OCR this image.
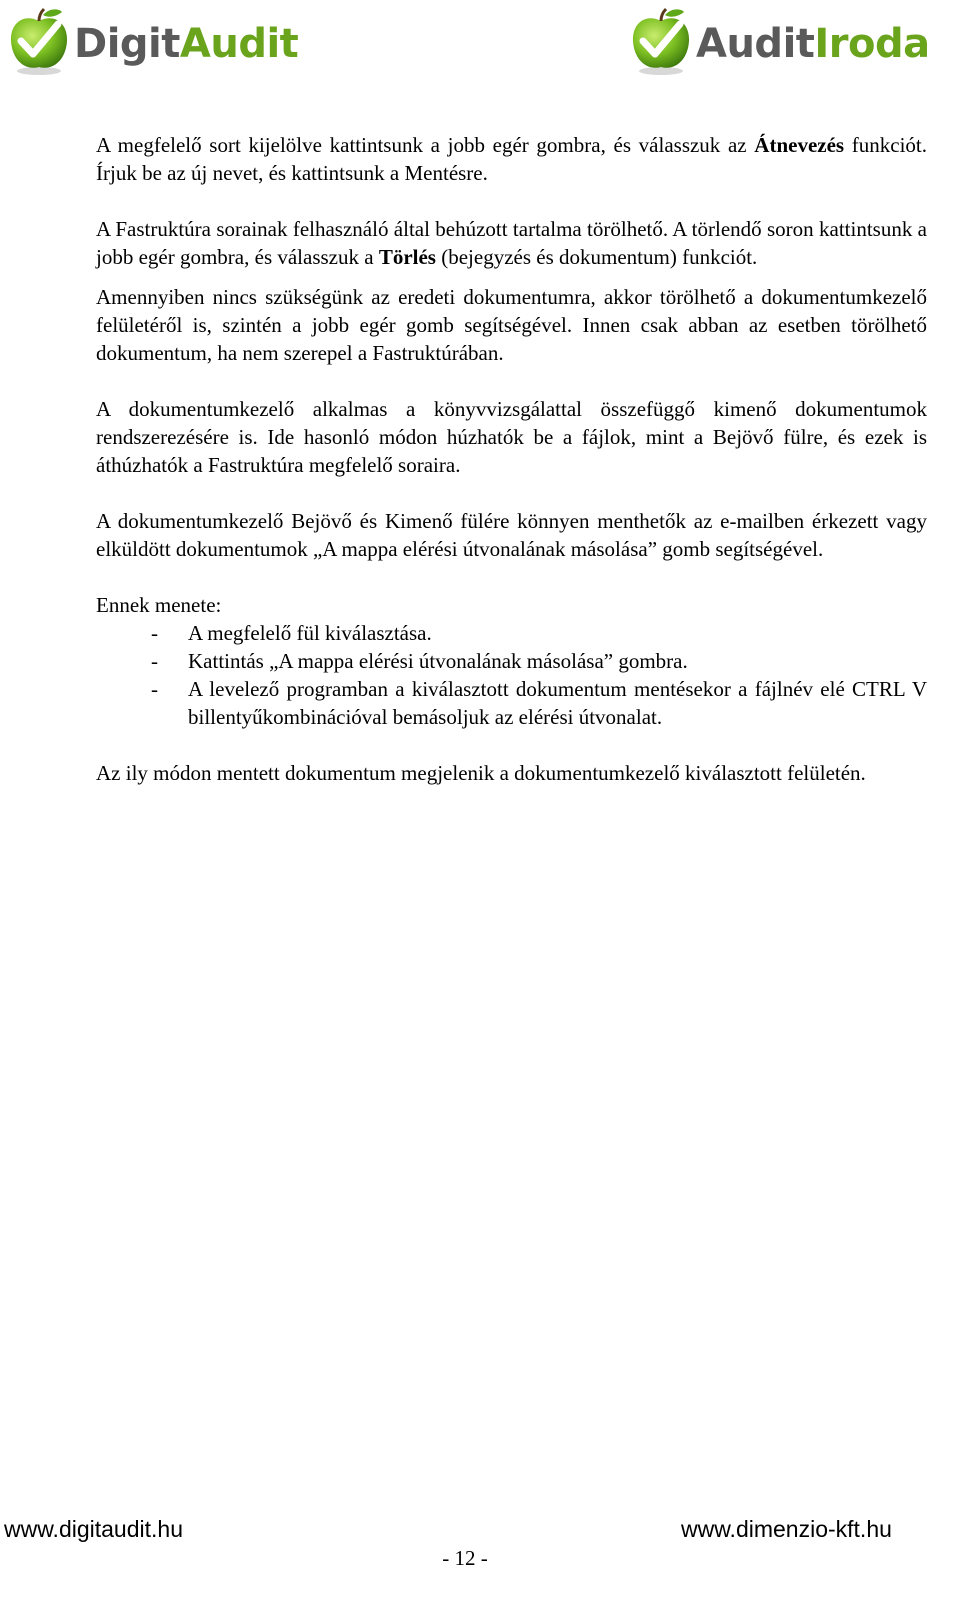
DigitAudit	AuditIroda

A megfelelő sort kijelölve kattintsunk a jobb egér gombra, és válasszuk az Átnevezés funkciót. Írjuk be az új nevet, és kattintsunk a Mentésre.

A Fastruktúra sorainak felhasználó által behúzott tartalma törölhető. A törlendő soron kattintsunk a jobb egér gombra, és válasszuk a Törlés (bejegyzés és dokumentum) funkciót.

Amennyiben nincs szükségünk az eredeti dokumentumra, akkor törölhető a dokumentumkezelő felületéről is, szintén a jobb egér gomb segítségével. Innen csak abban az esetben törölhető dokumentum, ha nem szerepel a Fastruktúrában.

A dokumentumkezelő alkalmas a könyvvizsgálattal összefüggő kimenő dokumentumok rendszerezésére is. Ide hasonló módon húzhatók be a fájlok, mint a Bejövő fülre, és ezek is áthúzhatók a Fastruktúra megfelelő soraira.

A dokumentumkezelő Bejövő és Kimenő fülére könnyen menthetők az e-mailben érkezett vagy elküldött dokumentumok „A mappa elérési útvonalának másolása” gomb segítségével.

Ennek menete:

- A megfelelő fül kiválasztása.
- Kattintás „A mappa elérési útvonalának másolása” gombra.
- A levelező programban a kiválasztott dokumentum mentésekor a fájlnév elé CTRL V billentyűkombinációval bemásoljuk az elérési útvonalat.

Az ily módon mentett dokumentum megjelenik a dokumentumkezelő kiválasztott felületén.

www.digitaudit.hu	www.dimenzio-kft.hu
- 12 -
